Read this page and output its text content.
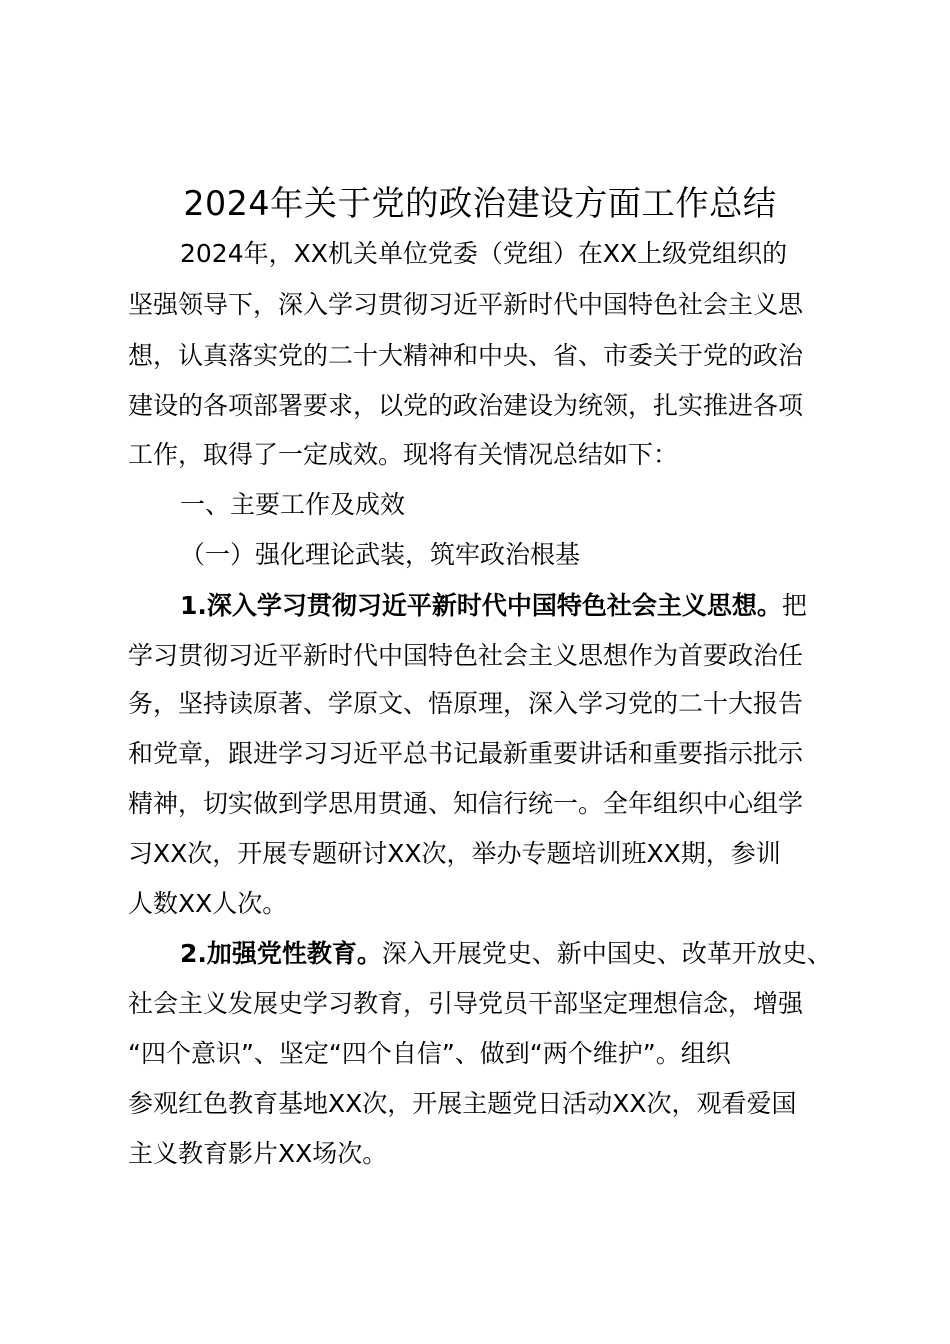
2024年关于党的政治建设方面工作总结
2024年，XX机关单位党委（党组）在XX上级党组织的
坚强领导下，深入学习贯彻习近平新时代中国特色社会主义思
想，认真落实党的二十大精神和中央、省、市委关于党的政治
建设的各项部署要求，以党的政治建设为统领，扎实推进各项
工作，取得了一定成效。现将有关情况总结如下：
一、主要工作及成效
（一）强化理论武装，筑牢政治根基
1.深入学习贯彻习近平新时代中国特色社会主义思想。把
学习贯彻习近平新时代中国特色社会主义思想作为首要政治任
务，坚持读原著、学原文、悟原理，深入学习党的二十大报告
和党章，跟进学习习近平总书记最新重要讲话和重要指示批示
精神，切实做到学思用贯通、知信行统一。全年组织中心组学
习XX次，开展专题研讨XX次，举办专题培训班XX期，参训
人数XX人次。
2.加强党性教育。深入开展党史、新中国史、改革开放史、
社会主义发展史学习教育，引导党员干部坚定理想信念，增强
“四个意识”、坚定“四个自信”、做到“两个维护”。组织
参观红色教育基地XX次，开展主题党日活动XX次，观看爱国
主义教育影片XX场次。
